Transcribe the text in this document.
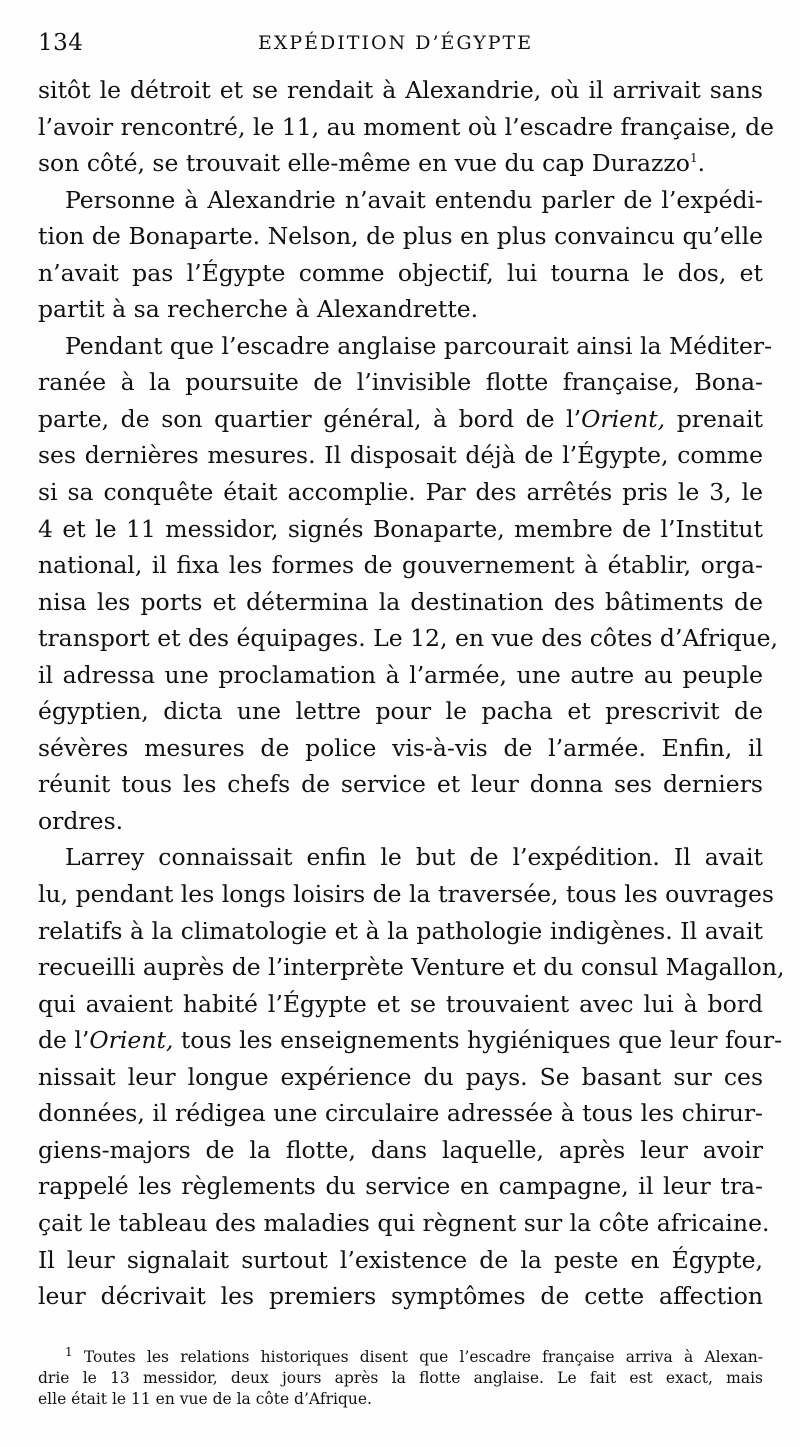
134	EXPÉDITION D’ÉGYPTE
sitôt le détroit et se rendait à Alexandrie, où il arrivait sans
l’avoir rencontré, le 11, au moment où l’escadre française, de
son côté, se trouvait elle-même en vue du cap Durazzo$^1$.
Personne à Alexandrie n’avait entendu parler de l’expédi-
tion de Bonaparte. Nelson, de plus en plus convaincu qu’elle
n’avait pas l’Égypte comme objectif, lui tourna le dos, et
partit à sa recherche à Alexandrette.
Pendant que l’escadre anglaise parcourait ainsi la Méditer-
ranée à la poursuite de l’invisible flotte française, Bona-
parte, de son quartier général, à bord de l’Orient, prenait
ses dernières mesures. Il disposait déjà de l’Égypte, comme
si sa conquête était accomplie. Par des arrêtés pris le 3, le
4 et le 11 messidor, signés Bonaparte, membre de l’Institut
national, il fixa les formes de gouvernement à établir, orga-
nisa les ports et détermina la destination des bâtiments de
transport et des équipages. Le 12, en vue des côtes d’Afrique,
il adressa une proclamation à l’armée, une autre au peuple
égyptien, dicta une lettre pour le pacha et prescrivit de
sévères mesures de police vis-à-vis de l’armée. Enfin, il
réunit tous les chefs de service et leur donna ses derniers
ordres.
Larrey connaissait enfin le but de l’expédition. Il avait
lu, pendant les longs loisirs de la traversée, tous les ouvrages
relatifs à la climatologie et à la pathologie indigènes. Il avait
recueilli auprès de l’interprète Venture et du consul Magallon,
qui avaient habité l’Égypte et se trouvaient avec lui à bord
de l’Orient, tous les enseignements hygiéniques que leur four-
nissait leur longue expérience du pays. Se basant sur ces
données, il rédigea une circulaire adressée à tous les chirur-
giens-majors de la flotte, dans laquelle, après leur avoir
rappelé les règlements du service en campagne, il leur tra-
çait le tableau des maladies qui règnent sur la côte africaine.
Il leur signalait surtout l’existence de la peste en Égypte,
leur décrivait les premiers symptômes de cette affection
$^1$ Toutes les relations historiques disent que l’escadre française arriva à Alexan-
drie le 13 messidor, deux jours après la flotte anglaise. Le fait est exact, mais
elle était le 11 en vue de la côte d’Afrique.
